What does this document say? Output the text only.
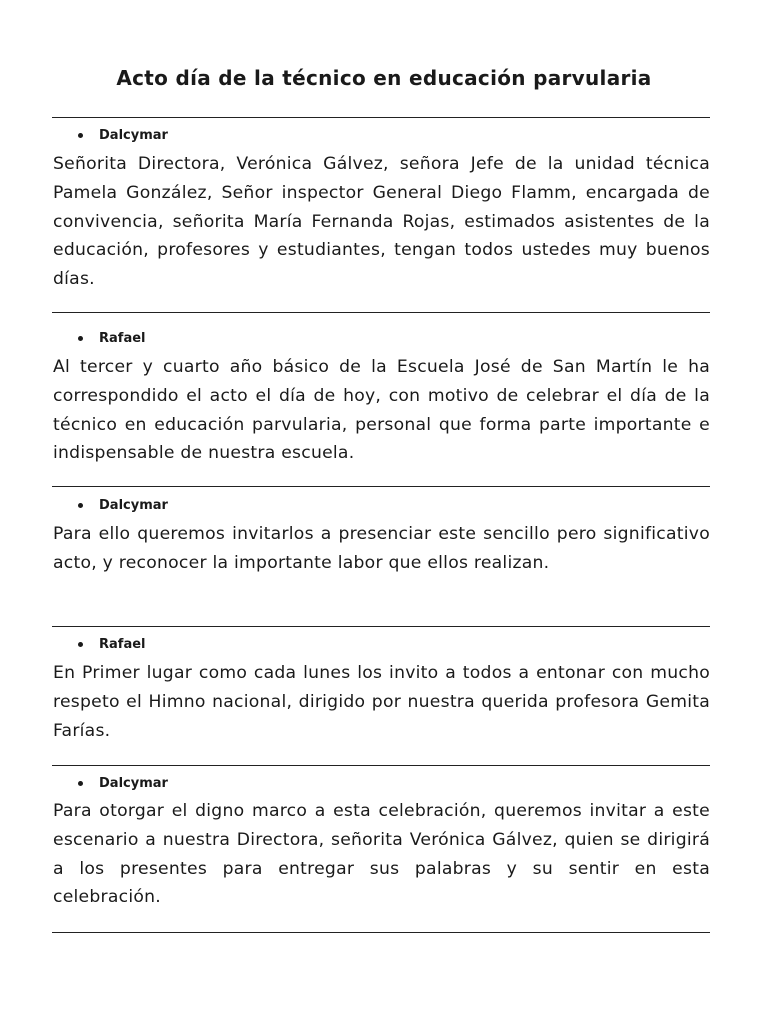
Acto día de la técnico en educación parvularia
Dalcymar
Señorita Directora, Verónica Gálvez, señora Jefe de la unidad técnica Pamela González, Señor inspector General Diego Flamm, encargada de convivencia, señorita María Fernanda Rojas, estimados asistentes de la educación, profesores y estudiantes, tengan todos ustedes muy buenos días.
Rafael
Al tercer y cuarto año básico de la Escuela José de San Martín le ha correspondido el acto el día de hoy, con motivo de celebrar el día de la técnico en educación parvularia, personal que forma parte importante e indispensable de nuestra escuela.
Dalcymar
Para ello queremos invitarlos a presenciar este sencillo pero significativo acto, y reconocer la importante labor que ellos realizan.
Rafael
En Primer lugar como cada lunes los invito a todos a entonar con mucho respeto el Himno nacional, dirigido por nuestra querida profesora Gemita Farías.
Dalcymar
Para otorgar el digno marco a esta celebración, queremos invitar a este escenario a nuestra Directora, señorita Verónica Gálvez, quien se dirigirá a los presentes para entregar sus palabras y su sentir en esta celebración.
